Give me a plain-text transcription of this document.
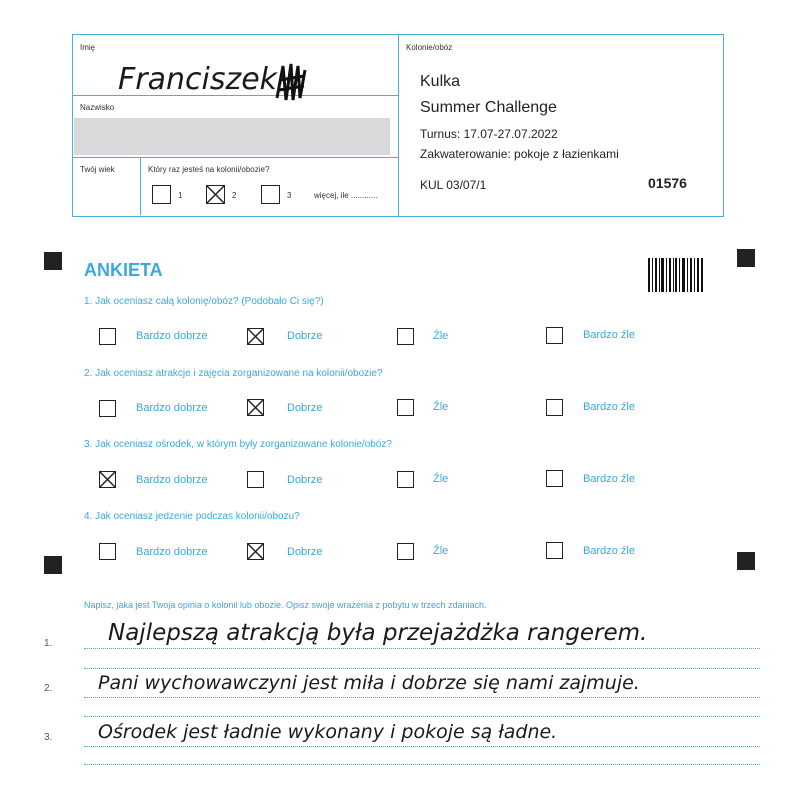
Imię
Franciszek
Nazwisko
Twój wiek	Który raz jesteś na kolonii/obozie?
1	2	3	więcej, ile ............
Kolonie/obóz
Kulka
Summer Challenge
Turnus: 17.07-27.07.2022
Zakwaterowanie: pokoje z łazienkami
KUL 03/07/1	01576
ANKIETA
1. Jak oceniasz całą kolonię/obóz? (Podobało Ci się?)
Bardzo dobrze	Dobrze	Źle	Bardzo źle
2. Jak oceniasz atrakcje i zajęcia zorganizowane na kolonii/obozie?
Bardzo dobrze	Dobrze	Źle	Bardzo źle
3. Jak oceniasz ośrodek, w którym były zorganizowane kolonie/obóz?
Bardzo dobrze	Dobrze	Źle	Bardzo źle
4. Jak oceniasz jedzenie podczas kolonii/obozu?
Bardzo dobrze	Dobrze	Źle	Bardzo źle
Napisz, jaka jest Twoja opinia o kolonii lub obozie. Opisz swoje wrażenia z pobytu w trzech zdaniach.
1. Najlepszą atrakcją była przejażdżka rangerem.
2. Pani wychowawczyni jest miła i dobrze się nami zajmuje.
3. Ośrodek jest ładnie wykonany i pokoje są ładne.
